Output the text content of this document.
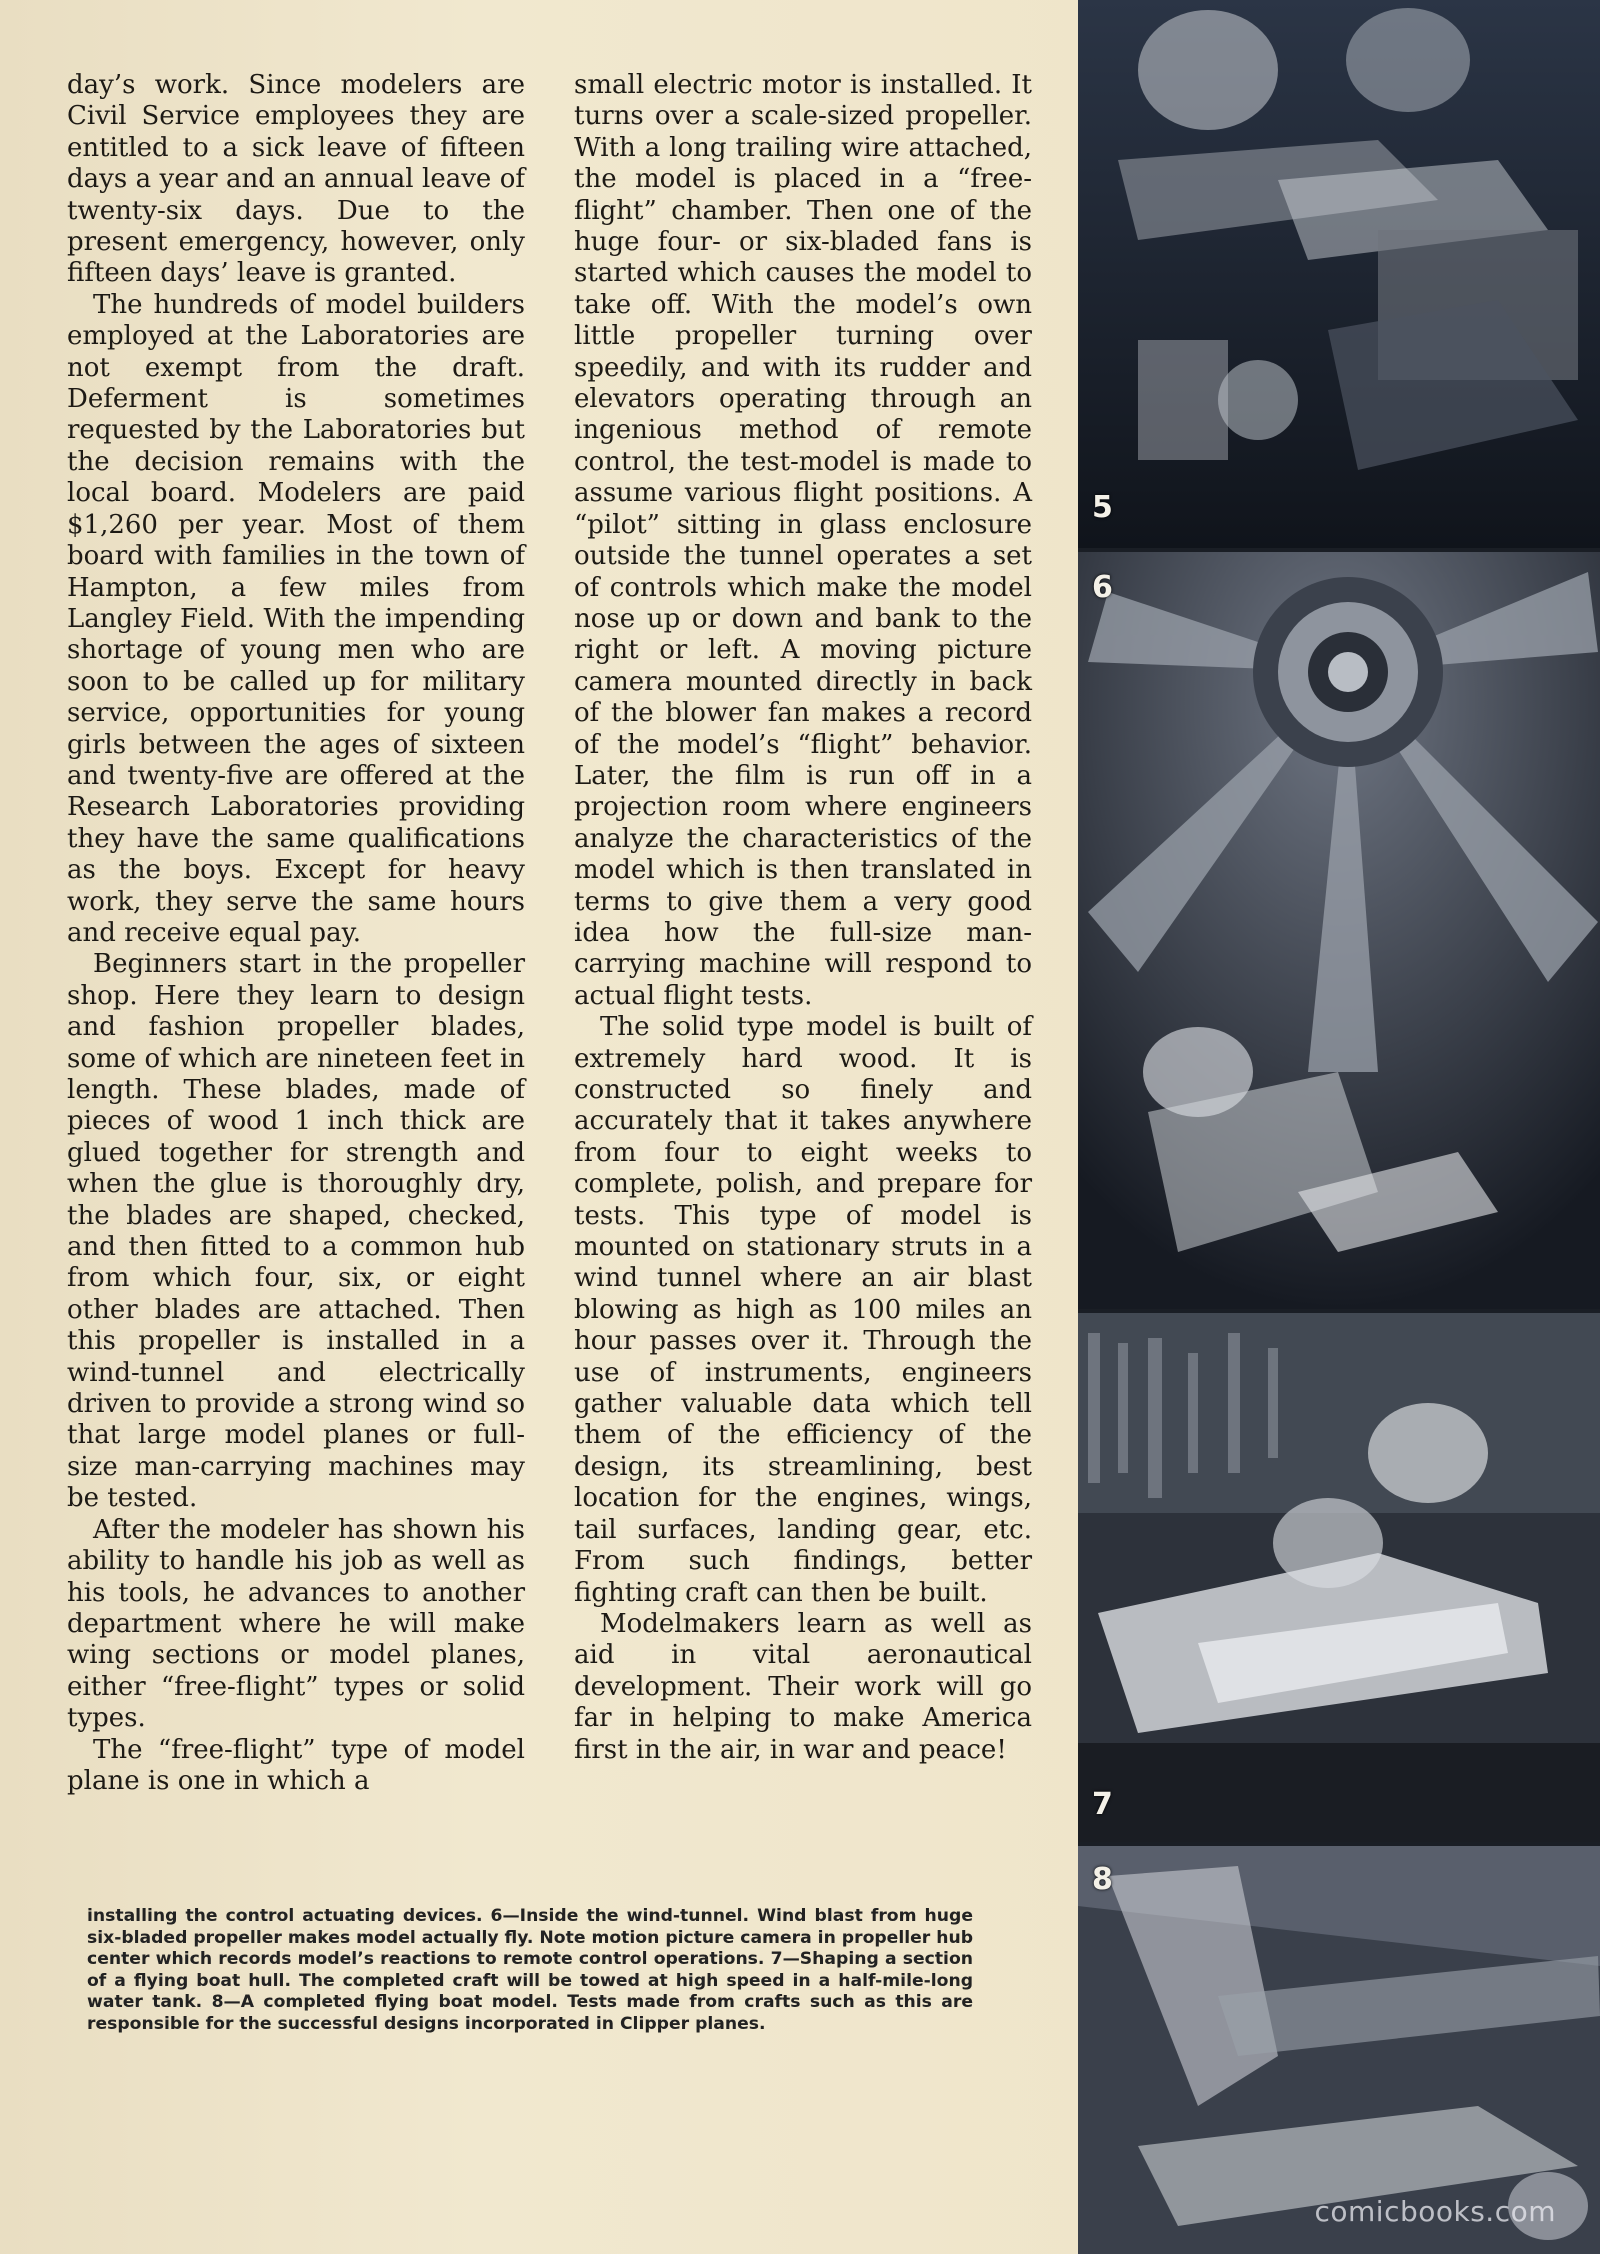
day’s work. Since modelers are Civil Service employees they are entitled to a sick leave of fifteen days a year and an annual leave of twenty-six days. Due to the present emergency, however, only fifteen days’ leave is granted.

The hundreds of model builders employed at the Laboratories are not exempt from the draft. Deferment is sometimes requested by the Laboratories but the decision remains with the local board. Modelers are paid $1,260 per year. Most of them board with families in the town of Hampton, a few miles from Langley Field. With the impending shortage of young men who are soon to be called up for military service, opportunities for young girls between the ages of sixteen and twenty-five are offered at the Research Laboratories providing they have the same qualifications as the boys. Except for heavy work, they serve the same hours and receive equal pay.

Beginners start in the propeller shop. Here they learn to design and fashion propeller blades, some of which are nineteen feet in length. These blades, made of pieces of wood 1 inch thick are glued together for strength and when the glue is thoroughly dry, the blades are shaped, checked, and then fitted to a common hub from which four, six, or eight other blades are attached. Then this propeller is installed in a wind-tunnel and electrically driven to provide a strong wind so that large model planes or full-size man-carrying machines may be tested.

After the modeler has shown his ability to handle his job as well as his tools, he advances to another department where he will make wing sections or model planes, either “free-flight” types or solid types.

The “free-flight” type of model plane is one in which a

small electric motor is installed. It turns over a scale-sized propeller. With a long trailing wire attached, the model is placed in a “free-flight” chamber. Then one of the huge four- or six-bladed fans is started which causes the model to take off. With the model’s own little propeller turning over speedily, and with its rudder and elevators operating through an ingenious method of remote control, the test-model is made to assume various flight positions. A “pilot” sitting in glass enclosure outside the tunnel operates a set of controls which make the model nose up or down and bank to the right or left. A moving picture camera mounted directly in back of the blower fan makes a record of the model’s “flight” behavior. Later, the film is run off in a projection room where engineers analyze the characteristics of the model which is then translated in terms to give them a very good idea how the full-size man-carrying machine will respond to actual flight tests.

The solid type model is built of extremely hard wood. It is constructed so finely and accurately that it takes anywhere from four to eight weeks to complete, polish, and prepare for tests. This type of model is mounted on stationary struts in a wind tunnel where an air blast blowing as high as 100 miles an hour passes over it. Through the use of instruments, engineers gather valuable data which tell them of the efficiency of the design, its streamlining, best location for the engines, wings, tail surfaces, landing gear, etc. From such findings, better fighting craft can then be built.

Modelmakers learn as well as aid in vital aeronautical development. Their work will go far in helping to make America first in the air, in war and peace!

installing the control actuating devices. 6—Inside the wind-tunnel. Wind blast from huge six-bladed propeller makes model actually fly. Note motion picture camera in propeller hub center which records model’s reactions to remote control operations. 7—Shaping a section of a flying boat hull. The completed craft will be towed at high speed in a half-mile-long water tank. 8—A completed flying boat model. Tests made from crafts such as this are responsible for the successful designs incorporated in Clipper planes.
5
6
7
8
comicbooks.com
